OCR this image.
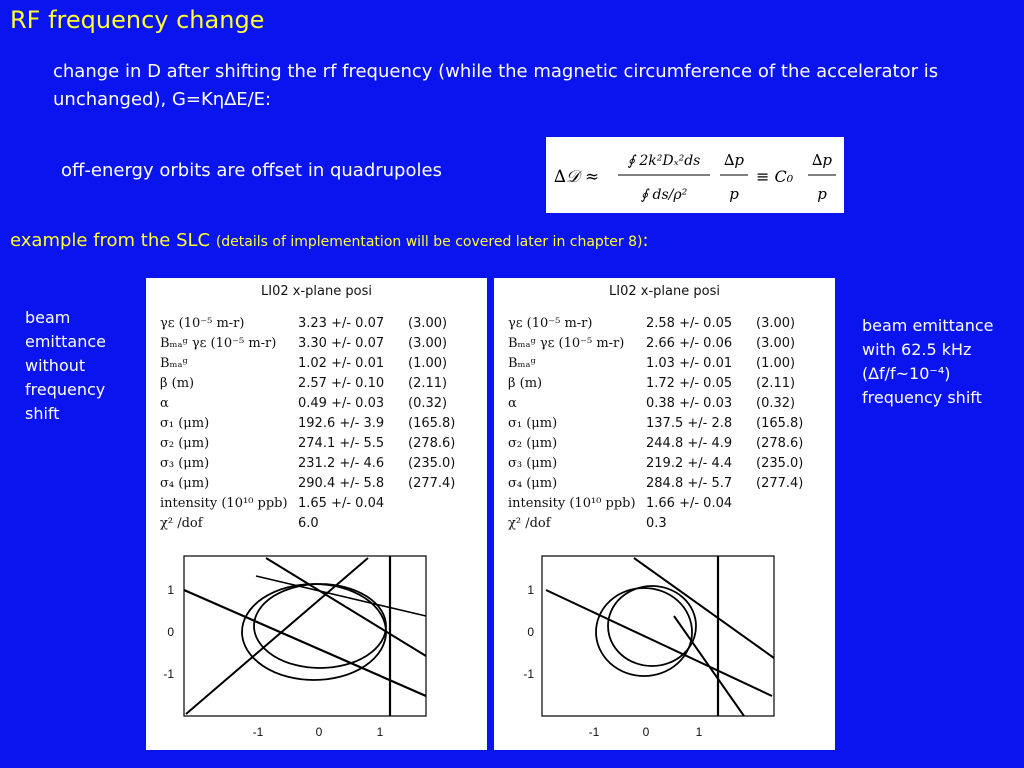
RF frequency change
change in D after shifting the rf frequency (while the magnetic circumference of the accelerator is unchanged), G=Kη∆E/E:
off-energy orbits are offset in quadrupoles	∆𝒟 ≈
∮ 2k²Dₓ²ds
∮ ds/ρ²
∆p
p
≡ C₀
∆p
p
example from the SLC (details of implementation will be covered later in chapter 8):
beam emittance without frequency shift
beam emittance with 62.5 kHz (∆f/f~10⁻⁴) frequency shift
LI02 x-plane posi
γε (10⁻⁵ m-r)	3.23 +/- 0.07	(3.00)
Bₘₐᵍ γε (10⁻⁵ m-r)	3.30 +/- 0.07	(3.00)
Bₘₐᵍ	1.02 +/- 0.01	(1.00)
β (m)	2.57 +/- 0.10	(2.11)
α	0.49 +/- 0.03	(0.32)
σ₁ (μm)	192.6 +/- 3.9	(165.8)
σ₂ (μm)	274.1 +/- 5.5	(278.6)
σ₃ (μm)	231.2 +/- 4.6	(235.0)
σ₄ (μm)	290.4 +/- 5.8	(277.4)
intensity (10¹⁰ ppb) 1.65 +/- 0.04
χ² /dof	6.0
1
0
-1
-1	0	1
LI02 x-plane posi
γε (10⁻⁵ m-r)	2.58 +/- 0.05	(3.00)
Bₘₐᵍ γε (10⁻⁵ m-r)	2.66 +/- 0.06	(3.00)
Bₘₐᵍ	1.03 +/- 0.01	(1.00)
β (m)	1.72 +/- 0.05	(2.11)
α	0.38 +/- 0.03	(0.32)
σ₁ (μm)	137.5 +/- 2.8	(165.8)
σ₂ (μm)	244.8 +/- 4.9	(278.6)
σ₃ (μm)	219.2 +/- 4.4	(235.0)
σ₄ (μm)	284.8 +/- 5.7	(277.4)
intensity (10¹⁰ ppb) 1.66 +/- 0.04
χ² /dof	0.3
1
0
-1
-1	0	1
